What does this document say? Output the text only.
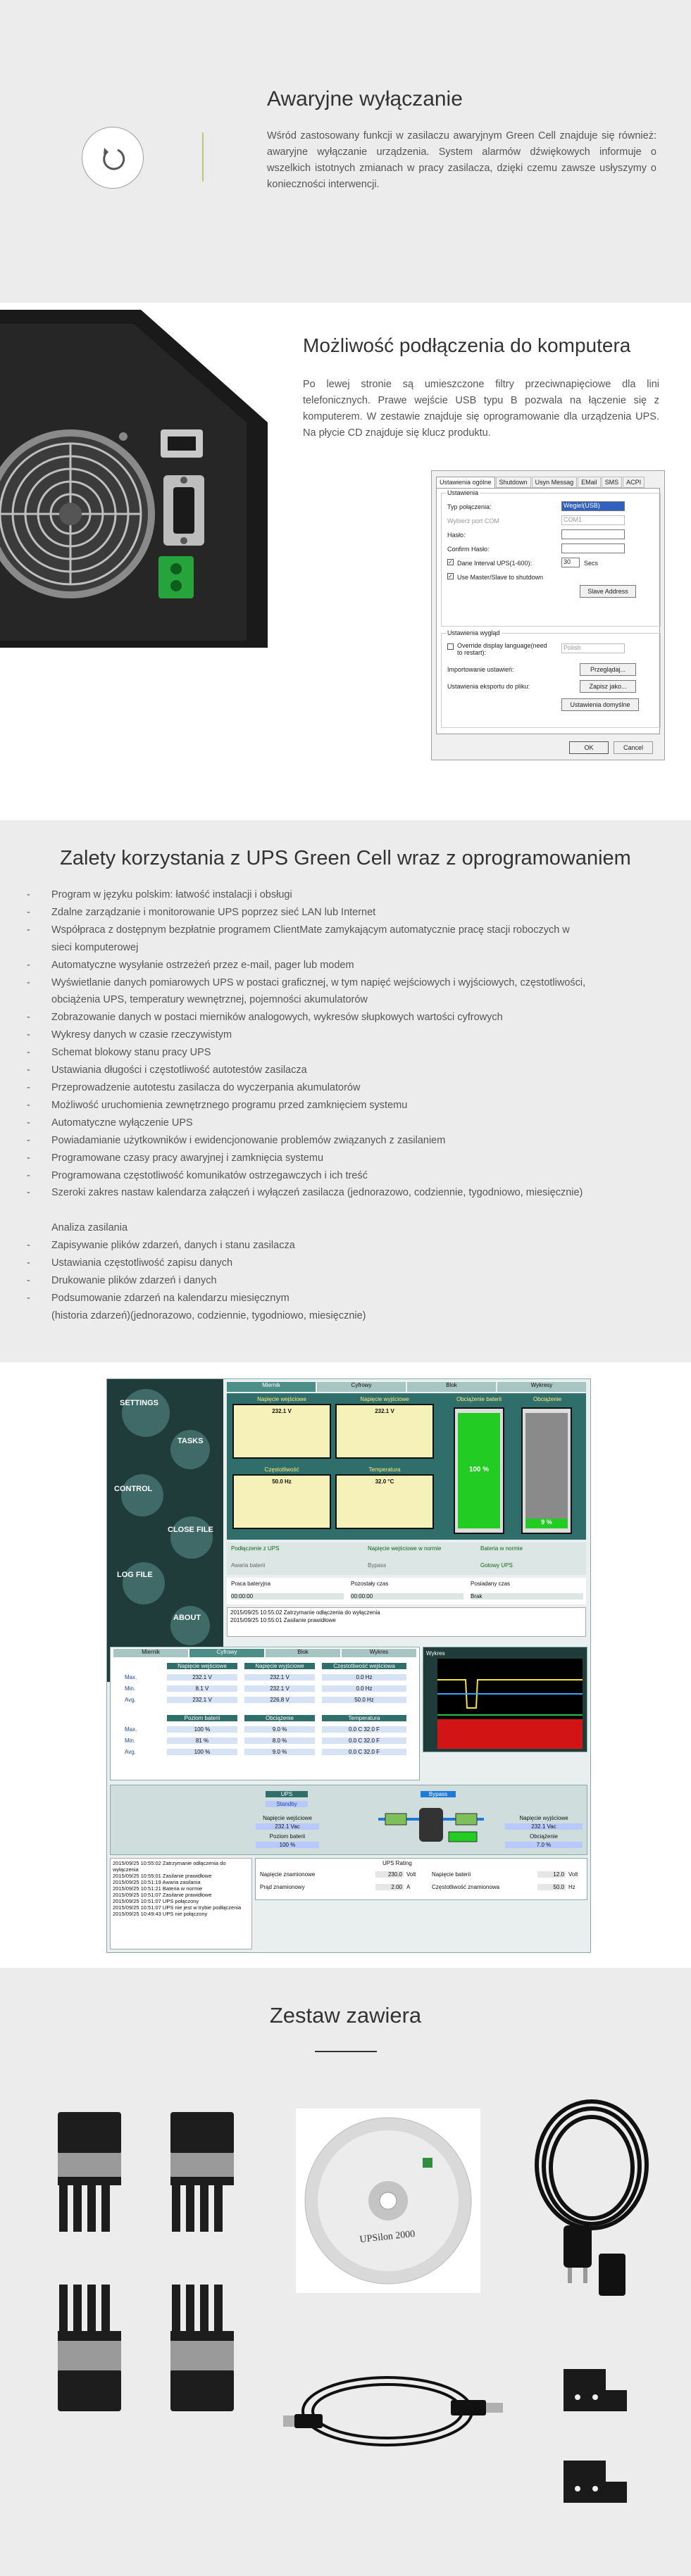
Awaryjne wyłączanie

Wśród zastosowany funkcji w zasilaczu awaryjnym Green Cell znajduje się również: awaryjne wyłączanie urządzenia. System alarmów dźwiękowych informuje o wszelkich istotnych zmianach w pracy zasilacza, dzięki czemu zawsze usłyszymy o konieczności interwencji.

Możliwość podłączenia do komputera

Po lewej stronie są umieszczone filtry przeciwnapięciowe dla lini telefonicznych. Prawe wejście USB typu B pozwala na łączenie się z komputerem. W zestawie znajduje się oprogramowanie dla urządzenia UPS. Na płycie CD znajduje się klucz produktu.

Ustawienia ogólne	Shutdown	Usyn Messag	EMail	SMS	ACPI
Ustawienia
Typ połączenia:	Wegiel(USB)
Wybierz port COM	COM1
Hasło:
Confirm Hasło:
✓ Dane Interval UPS(1-600):	30	Secs
✓ Use Master/Slave to shutdown
Slave Address
Ustawienia wygląd
Override display language(need to restart):
Polish
Importowanie ustawień:	Przeglądaj...
Ustawienia eksportu do pliku:	Zapisz jako...
Ustawienia domyślne
OK	Cancel
Zalety korzystania z UPS Green Cell wraz z oprogramowaniem
- Program w języku polskim: łatwość instalacji i obsługi
- Zdalne zarządzanie i monitorowanie UPS poprzez sieć LAN lub Internet
- Współpraca z dostępnym bezpłatnie programem ClientMate zamykającym automatycznie pracę stacji roboczych w
sieci komputerowej
- Automatyczne wysyłanie ostrzeżeń przez e-mail, pager lub modem
- Wyświetlanie danych pomiarowych UPS w postaci graficznej, w tym napięć wejściowych i wyjściowych, częstotliwości,
obciążenia UPS, temperatury wewnętrznej, pojemności akumulatorów
- Zobrazowanie danych w postaci mierników analogowych, wykresów słupkowych wartości cyfrowych
- Wykresy danych w czasie rzeczywistym
- Schemat blokowy stanu pracy UPS
- Ustawiania długości i częstotliwość autotestów zasilacza
- Przeprowadzenie autotestu zasilacza do wyczerpania akumulatorów
- Możliwość uruchomienia zewnętrznego programu przed zamknięciem systemu
- Automatyczne wyłączenie UPS
- Powiadamianie użytkowników i ewidencjonowanie problemów związanych z zasilaniem
- Programowane czasy pracy awaryjnej i zamknięcia systemu
- Programowana częstotliwość komunikatów ostrzegawczych i ich treść
- Szeroki zakres nastaw kalendarza załączeń i wyłączeń zasilacza (jednorazowo, codziennie, tygodniowo, miesięcznie)
Analiza zasilania
- Zapisywanie plików zdarzeń, danych i stanu zasilacza
- Ustawiania częstotliwość zapisu danych
- Drukowanie plików zdarzeń i danych
- Podsumowanie zdarzeń na kalendarzu miesięcznym
(historia zdarzeń)(jednorazowo, codziennie, tygodniowo, miesięcznie)
SETTINGS
TASKS
CONTROL
CLOSE FILE
LOG FILE
ABOUT
Miernik	Cyfrowy	Blok	Wykresy
Napięcie wejściowe
232.1 V
Napięcie wyjściowe
232.1 V
Częstotliwość
50.0 Hz
Temperatura
32.0 °C
Obciążenie baterii
100 %
Obciążenie
9 %
Podłączenie z UPS	Napięcie wejściowe w normie	Bateria w normie
Awaria baterii	Bypass	Gotowy UPS
Praca bateryjna	Pozostały czas	Posiadany czas
00:00:00	00:00:00	Brak
2015/09/25 10:55:02 Zatrzymanie odłączenia do wyłączenia
2015/09/25 10:55:01 Zasilanie prawidłowe
Miernik	Cyfrowy	Blok	Wykres
Napięcie wejściowe	Napięcie wyjściowe	Częstotliwość wejściowa
Max.	232.1 V	232.1 V	0.0 Hz
Min.	8.1 V	232.1 V	0.0 Hz
Avg.	232.1 V	226.8 V	50.0 Hz
Poziom baterii	Obciążenie	Temperatura
Max.	100 %	9.0 %	0.0 C 32.0 F
Min.	81 %	8.0 %	0.0 C 32.0 F
Avg.	100 %	9.0 %	0.0 C 32.0 F
Wykres
UPS
Standby
Bypass
Napięcie wejściowe
232.1 Vac
Poziom baterii
100 %
Napięcie wyjściowe
232.1 Vac
Obciążenie
7.0 %
UPS Rating
Napięcie znamionowe	230.0 Volt
Prąd znamionowy	2.00 A
Napięcie baterii	12.0 Volt
Częstotliwość znamionowa	50.0 Hz
2015/09/25 10:55:02 Zatrzymanie odłączenia do wyłączenia
2015/09/25 10:55:01 Zasilanie prawidłowe
2015/09/25 10:51:19 Awaria zasilania
2015/09/25 10:51:21 Bateria w normie
2015/09/25 10:51:07 Zasilanie prawidłowe
2015/09/25 10:51:07 UPS połączony
2015/09/25 10:51:07 UPS nie jest w trybie podłączenia
2015/09/25 10:49:43 UPS nie połączony
Zestaw zawiera
UPSilon 2000
